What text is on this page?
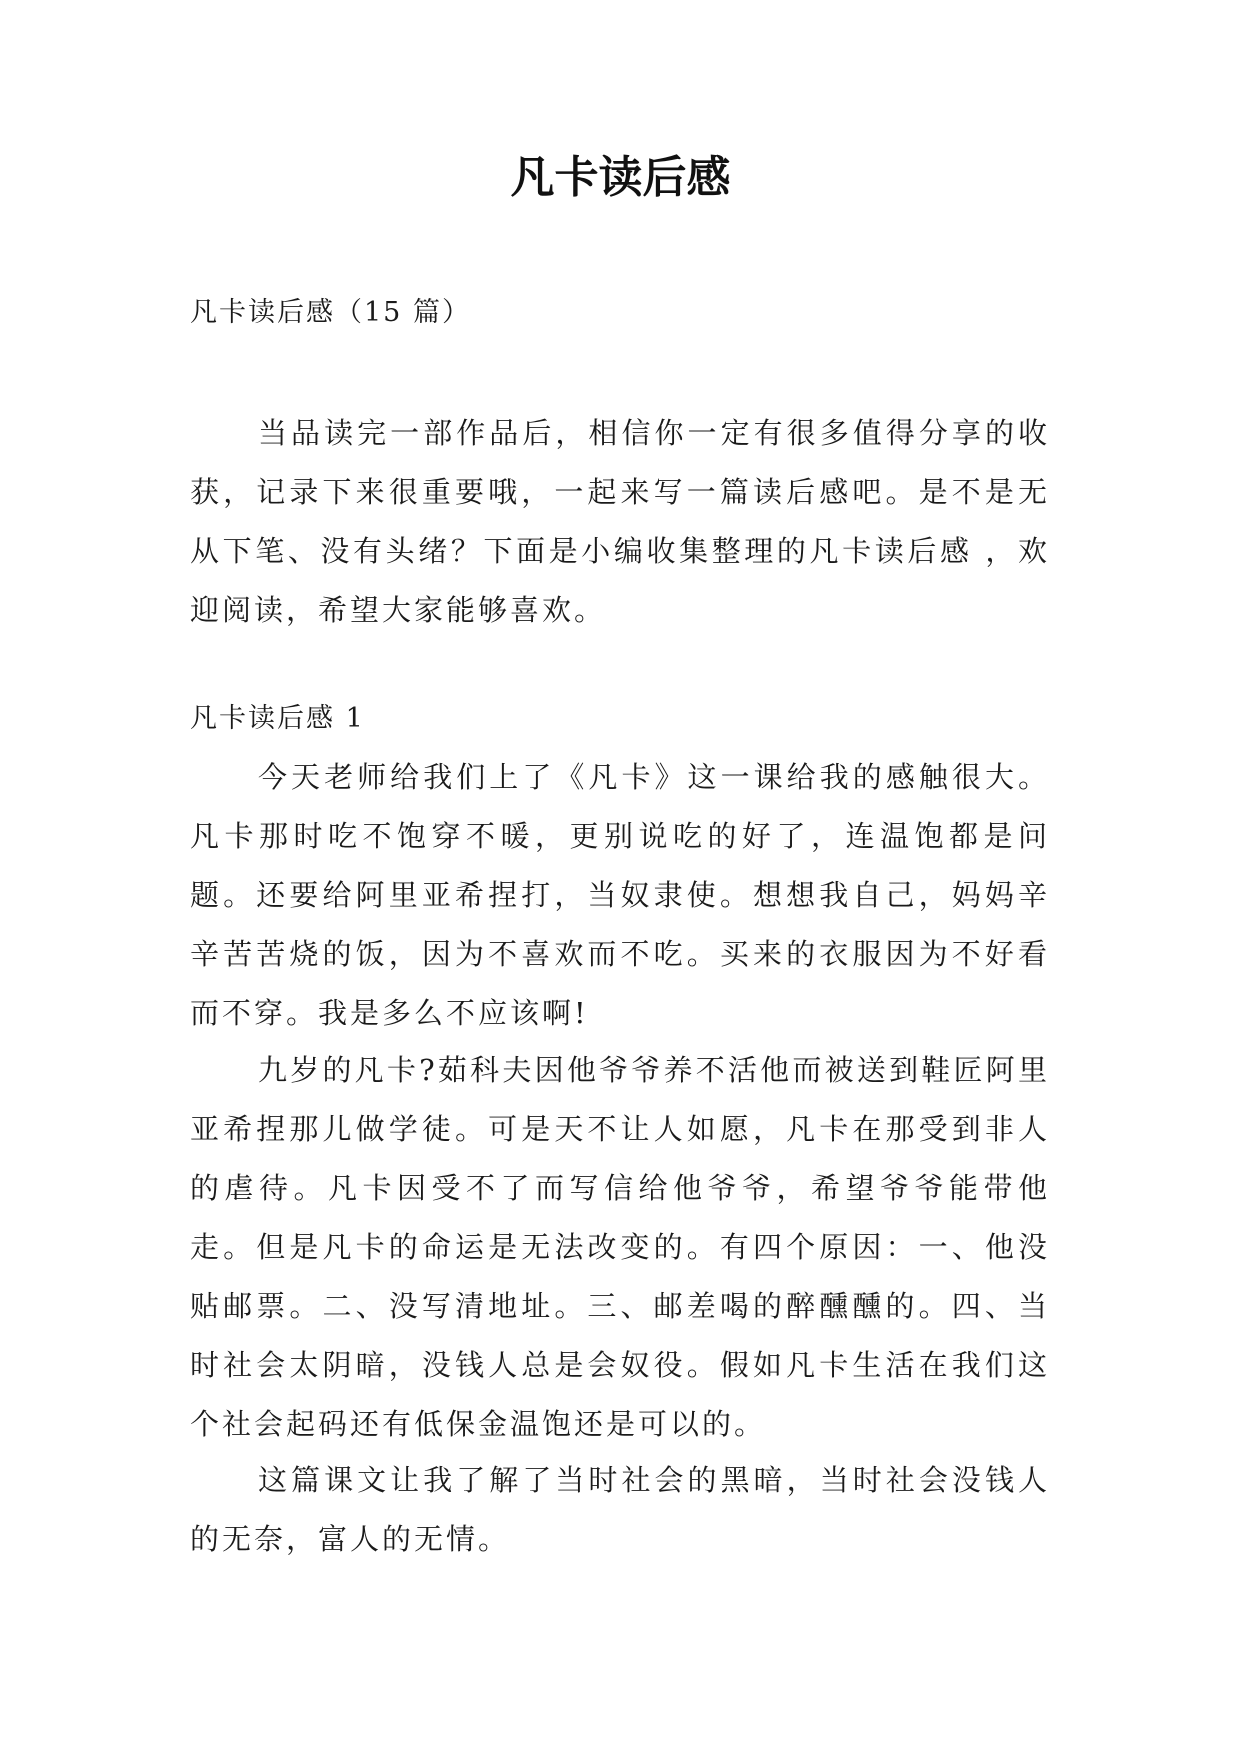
凡卡读后感

凡卡读后感（15 篇）

当品读完一部作品后，相信你一定有很多值得分享的收获，记录下来很重要哦，一起来写一篇读后感吧。是不是无从下笔、没有头绪？下面是小编收集整理的凡卡读后感 ，欢迎阅读，希望大家能够喜欢。

凡卡读后感 1

今天老师给我们上了《凡卡》这一课给我的感触很大。凡卡那时吃不饱穿不暖，更别说吃的好了，连温饱都是问题。还要给阿里亚希捏打，当奴隶使。想想我自己，妈妈辛辛苦苦烧的饭，因为不喜欢而不吃。买来的衣服因为不好看而不穿。我是多么不应该啊!

九岁的凡卡?茹科夫因他爷爷养不活他而被送到鞋匠阿里亚希捏那儿做学徒。可是天不让人如愿，凡卡在那受到非人的虐待。凡卡因受不了而写信给他爷爷，希望爷爷能带他走。但是凡卡的命运是无法改变的。有四个原因：一、他没贴邮票。二、没写清地址。三、邮差喝的醉醺醺的。四、当时社会太阴暗，没钱人总是会奴役。假如凡卡生活在我们这个社会起码还有低保金温饱还是可以的。

这篇课文让我了解了当时社会的黑暗，当时社会没钱人的无奈，富人的无情。
